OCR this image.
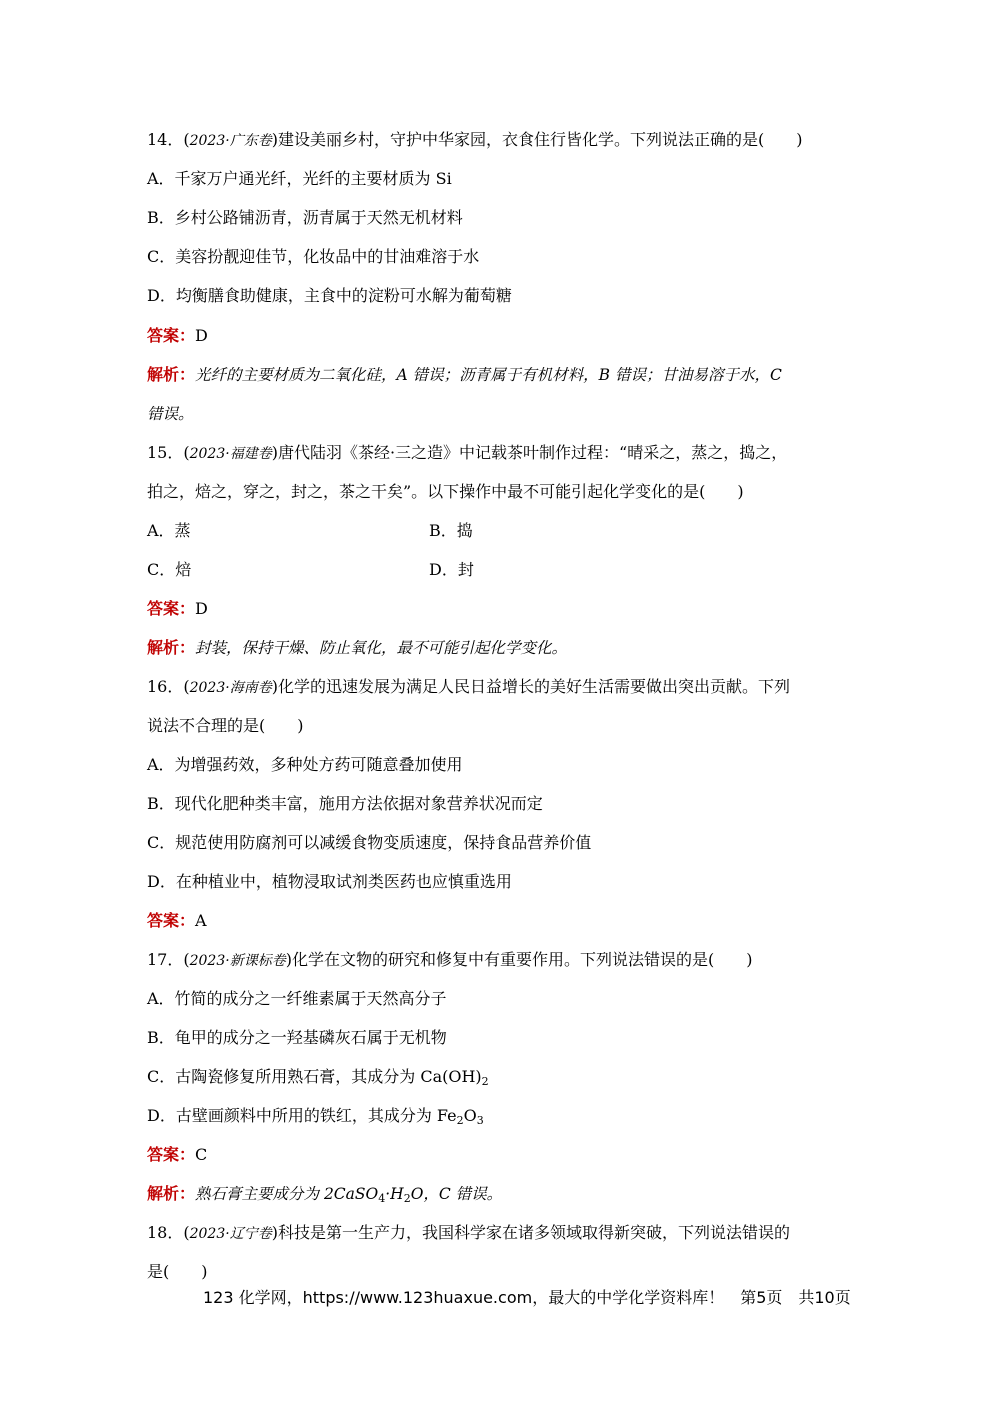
14．(2023·广东卷)建设美丽乡村，守护中华家园，衣食住行皆化学。下列说法正确的是(　　)
A．千家万户通光纤，光纤的主要材质为 Si
B．乡村公路铺沥青，沥青属于天然无机材料
C．美容扮靓迎佳节，化妆品中的甘油难溶于水
D．均衡膳食助健康，主食中的淀粉可水解为葡萄糖
答案：D
解析：光纤的主要材质为二氧化硅，A 错误；沥青属于有机材料，B 错误；甘油易溶于水，C
错误。
15．(2023·福建卷)唐代陆羽《茶经·三之造》中记载茶叶制作过程：“晴采之，蒸之，捣之，
拍之，焙之，穿之，封之，茶之干矣”。以下操作中最不可能引起化学变化的是(　　)
A．蒸	B．捣
C．焙	D．封
答案：D
解析：封装，保持干燥、防止氧化，最不可能引起化学变化。
16．(2023·海南卷)化学的迅速发展为满足人民日益增长的美好生活需要做出突出贡献。下列
说法不合理的是(　　)
A．为增强药效，多种处方药可随意叠加使用
B．现代化肥种类丰富，施用方法依据对象营养状况而定
C．规范使用防腐剂可以减缓食物变质速度，保持食品营养价值
D．在种植业中，植物浸取试剂类医药也应慎重选用
答案：A
17．(2023·新课标卷)化学在文物的研究和修复中有重要作用。下列说法错误的是(　　)
A．竹简的成分之一纤维素属于天然高分子
B．龟甲的成分之一羟基磷灰石属于无机物
C．古陶瓷修复所用熟石膏，其成分为 $Ca(OH)_2$
D．古壁画颜料中所用的铁红，其成分为 $Fe_2O_3$
答案：C
解析：熟石膏主要成分为 $2CaSO_4\cdot H_2O$，C 错误。
18．(2023·辽宁卷)科技是第一生产力，我国科学家在诸多领域取得新突破，下列说法错误的
是(　　)
123 化学网，https://www.123huaxue.com，最大的中学化学资料库！　第5页　共10页
